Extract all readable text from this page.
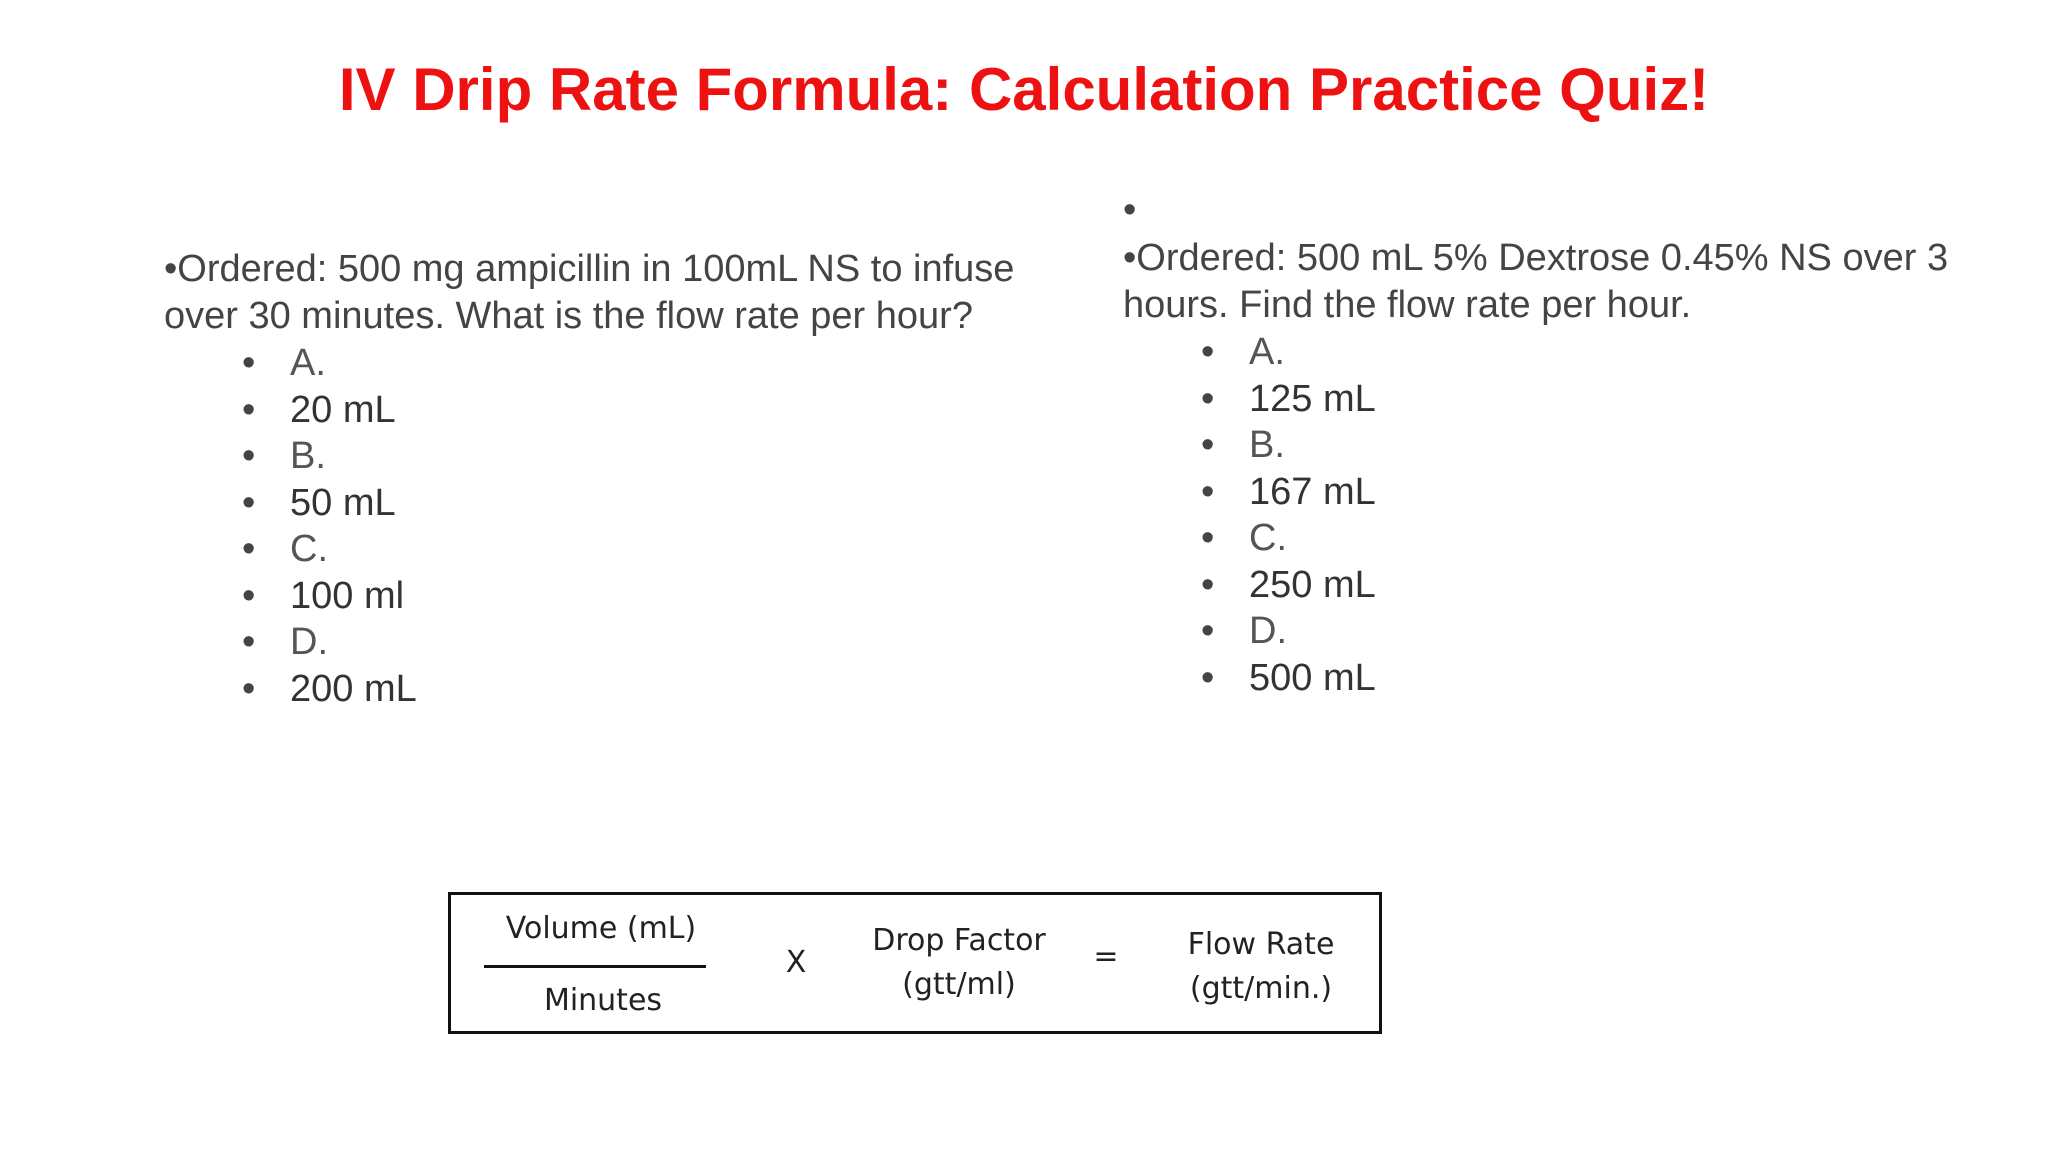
IV Drip Rate Formula: Calculation Practice Quiz!
•Ordered: 500 mg ampicillin in 100mL NS to infuse over 30 minutes. What is the flow rate per hour?
• A.
• 20 mL
• B.
• 50 mL
• C.
• 100 ml
• D.
• 200 mL
•
•Ordered: 500 mL 5% Dextrose 0.45% NS over 3 hours. Find the flow rate per hour.
• A.
• 125 mL
• B.
• 167 mL
• C.
• 250 mL
• D.
• 500 mL
Volume (mL)
Minutes
X
Drop Factor
(gtt/ml)
=	Flow Rate
(gtt/min.)
